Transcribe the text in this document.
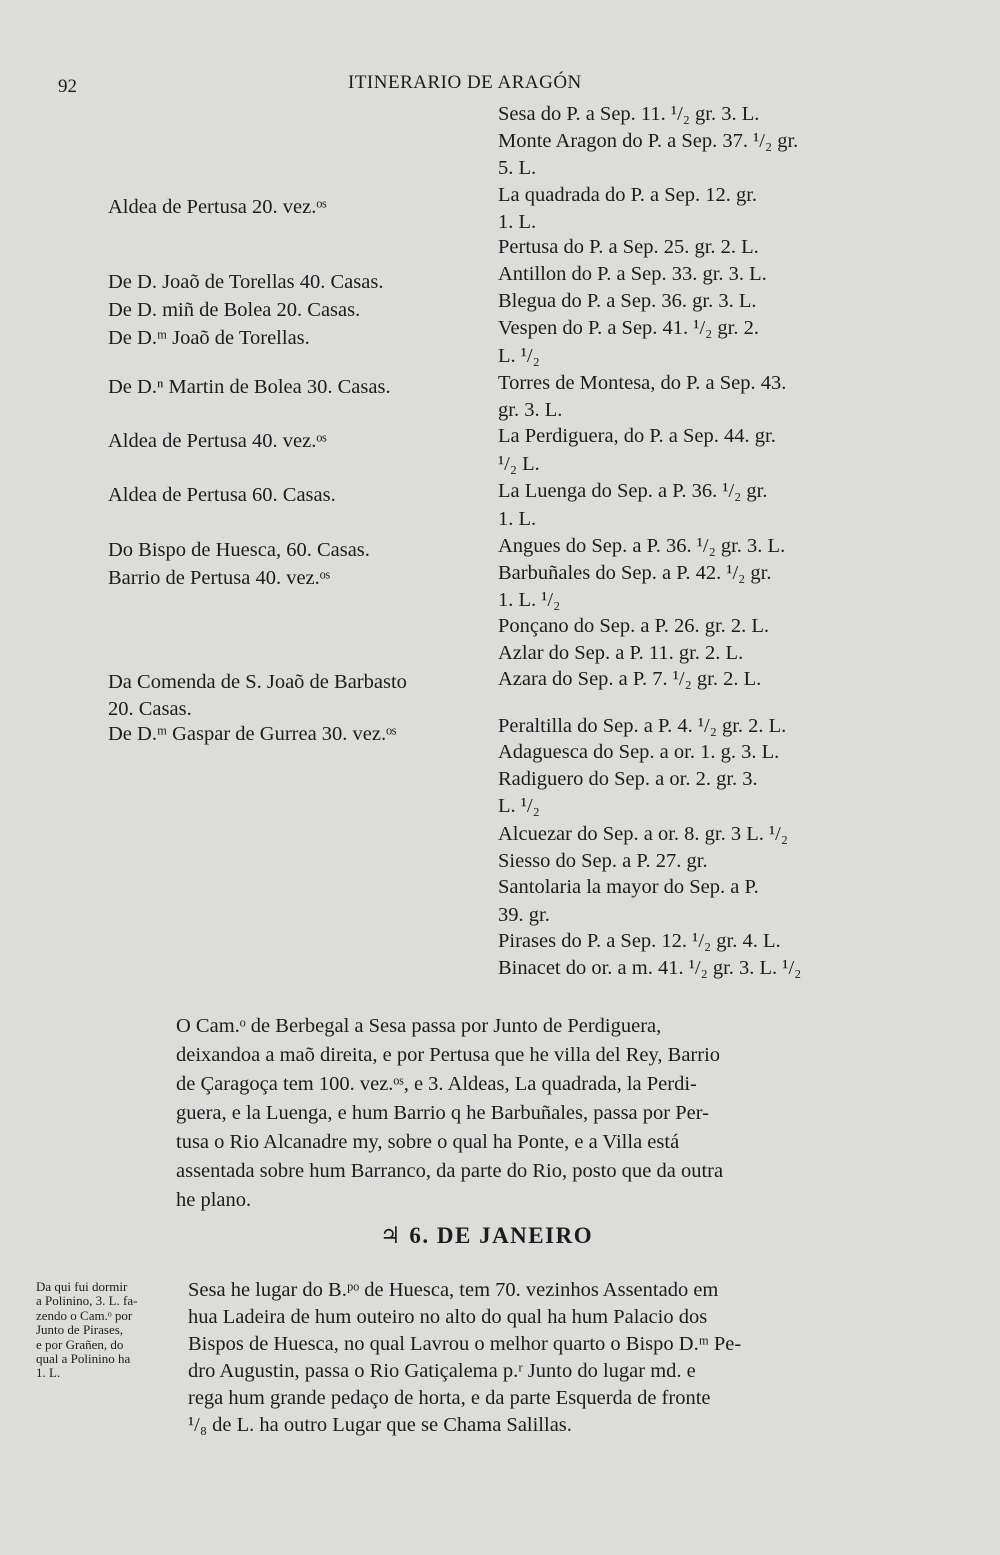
92	ITINERARIO DE ARAGÓN
Aldea de Pertusa 20. vez.ᵒˢ
De D. Joaõ de Torellas 40. Casas.
De D. miñ de Bolea 20. Casas.
De D.ᵐ Joaõ de Torellas.
De D.ⁿ Martin de Bolea 30. Casas.
Aldea de Pertusa 40. vez.ᵒˢ
Aldea de Pertusa 60. Casas.
Do Bispo de Huesca, 60. Casas.
Barrio de Pertusa 40. vez.ᵒˢ
Da Comenda de S. Joaõ de Barbasto
20. Casas.
De D.ᵐ Gaspar de Gurrea 30. vez.ᵒˢ
Sesa do P. a Sep. 11. ¹/₂ gr. 3. L.
Monte Aragon do P. a Sep. 37. ¹/₂ gr.
5. L.
La quadrada do P. a Sep. 12. gr.
1. L.
Pertusa do P. a Sep. 25. gr. 2. L.
Antillon do P. a Sep. 33. gr. 3. L.
Blegua do P. a Sep. 36. gr. 3. L.
Vespen do P. a Sep. 41. ¹/₂ gr. 2.
L. ¹/₂
Torres de Montesa, do P. a Sep. 43.
gr. 3. L.
La Perdiguera, do P. a Sep. 44. gr.
¹/₂ L.
La Luenga do Sep. a P. 36. ¹/₂ gr.
1. L.
Angues do Sep. a P. 36. ¹/₂ gr. 3. L.
Barbuñales do Sep. a P. 42. ¹/₂ gr.
1. L. ¹/₂
Ponçano do Sep. a P. 26. gr. 2. L.
Azlar do Sep. a P. 11. gr. 2. L.
Azara do Sep. a P. 7. ¹/₂ gr. 2. L.
Peraltilla do Sep. a P. 4. ¹/₂ gr. 2. L.
Adaguesca do Sep. a or. 1. g. 3. L.
Radiguero do Sep. a or. 2. gr. 3.
L. ¹/₂
Alcuezar do Sep. a or. 8. gr. 3 L. ¹/₂
Siesso do Sep. a P. 27. gr.
Santolaria la mayor do Sep. a P.
39. gr.
Pirases do P. a Sep. 12. ¹/₂ gr. 4. L.
Binacet do or. a m. 41. ¹/₂ gr. 3. L. ¹/₂
O Cam.ᵒ de Berbegal a Sesa passa por Junto de Perdiguera,
deixandoa a maõ direita, e por Pertusa que he villa del Rey, Barrio
de Çaragoça tem 100. vez.ᵒˢ, e 3. Aldeas, La quadrada, la Perdi-
guera, e la Luenga, e hum Barrio q he Barbuñales, passa por Per-
tusa o Rio Alcanadre my, sobre o qual ha Ponte, e a Villa está
assentada sobre hum Barranco, da parte do Rio, posto que da outra
he plano.
♃ 6. DE JANEIRO
Da qui fui dormir
a Polinino, 3. L. fa-
zendo o Cam.ᵒ por
Junto de Pirases,
e por Grañen, do
qual a Polinino ha
1. L.
Sesa he lugar do B.ᵖᵒ de Huesca, tem 70. vezinhos Assentado em
hua Ladeira de hum outeiro no alto do qual ha hum Palacio dos
Bispos de Huesca, no qual Lavrou o melhor quarto o Bispo D.ᵐ Pe-
dro Augustin, passa o Rio Gatiçalema p.ʳ Junto do lugar md. e
rega hum grande pedaço de horta, e da parte Esquerda de fronte
¹/₈ de L. ha outro Lugar que se Chama Salillas.
